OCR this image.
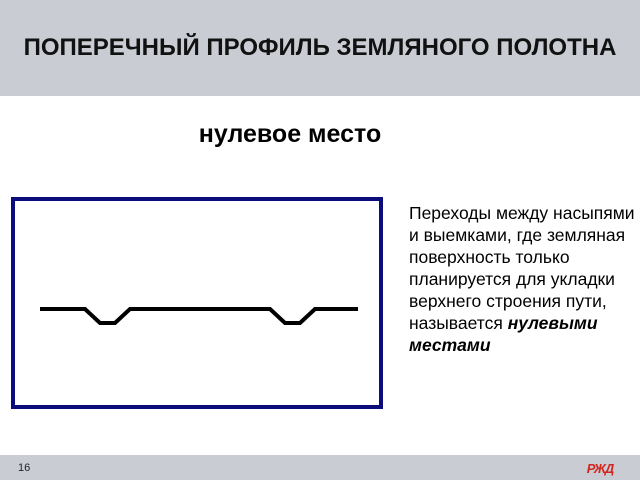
ПОПЕРЕЧНЫЙ ПРОФИЛЬ ЗЕМЛЯНОГО ПОЛОТНА
нулевое место
Переходы между насыпями и выемками, где земляная поверхность только планируется для укладки верхнего строения пути, называется нулевыми местами
16	РЖД
